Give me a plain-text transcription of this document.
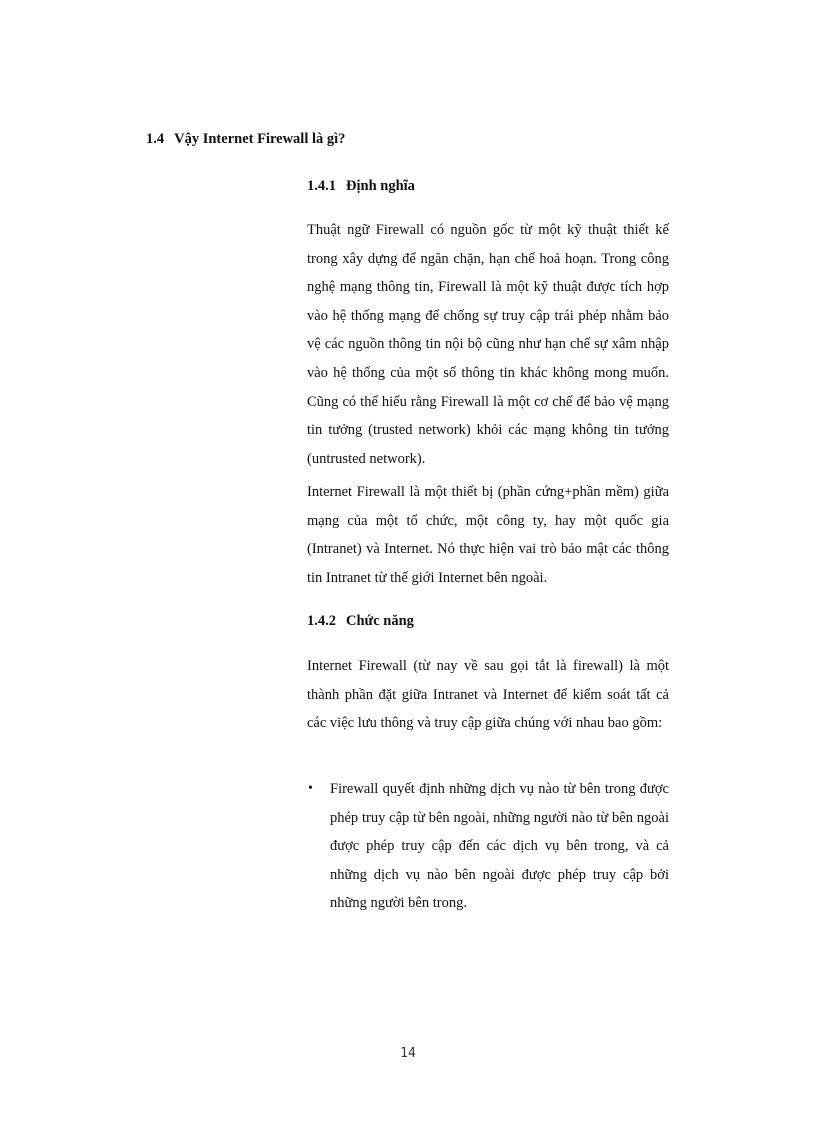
1.4 Vậy Internet Firewall là gì?
1.4.1 Định nghĩa

Thuật ngữ Firewall có nguồn gốc từ một kỹ thuật thiết kế trong xây dựng để ngăn chặn, hạn chế hoả hoạn. Trong công nghệ mạng thông tin, Firewall là một kỹ thuật được tích hợp vào hệ thống mạng để chống sự truy cập trái phép nhằm bảo vệ các nguồn thông tin nội bộ cũng như hạn chế sự xâm nhập vào hệ thống của một số thông tin khác không mong muốn. Cũng có thể hiểu rằng Firewall là một cơ chế để bảo vệ mạng tin tưởng (trusted network) khỏi các mạng không tin tưởng (untrusted network).

Internet Firewall là một thiết bị (phần cứng+phần mềm) giữa mạng của một tổ chức, một công ty, hay một quốc gia (Intranet) và Internet. Nó thực hiện vai trò bảo mật các thông tin Intranet từ thế giới Internet bên ngoài.

1.4.2 Chức năng

Internet Firewall (từ nay về sau gọi tắt là firewall) là một thành phần đặt giữa Intranet và Internet để kiểm soát tất cả các việc lưu thông và truy cập giữa chúng với nhau bao gồm:

• Firewall quyết định những dịch vụ nào từ bên trong được phép truy cập từ bên ngoài, những người nào từ bên ngoài được phép truy cập đến các dịch vụ bên trong, và cả những dịch vụ nào bên ngoài được phép truy cập bởi những người bên trong.
14
